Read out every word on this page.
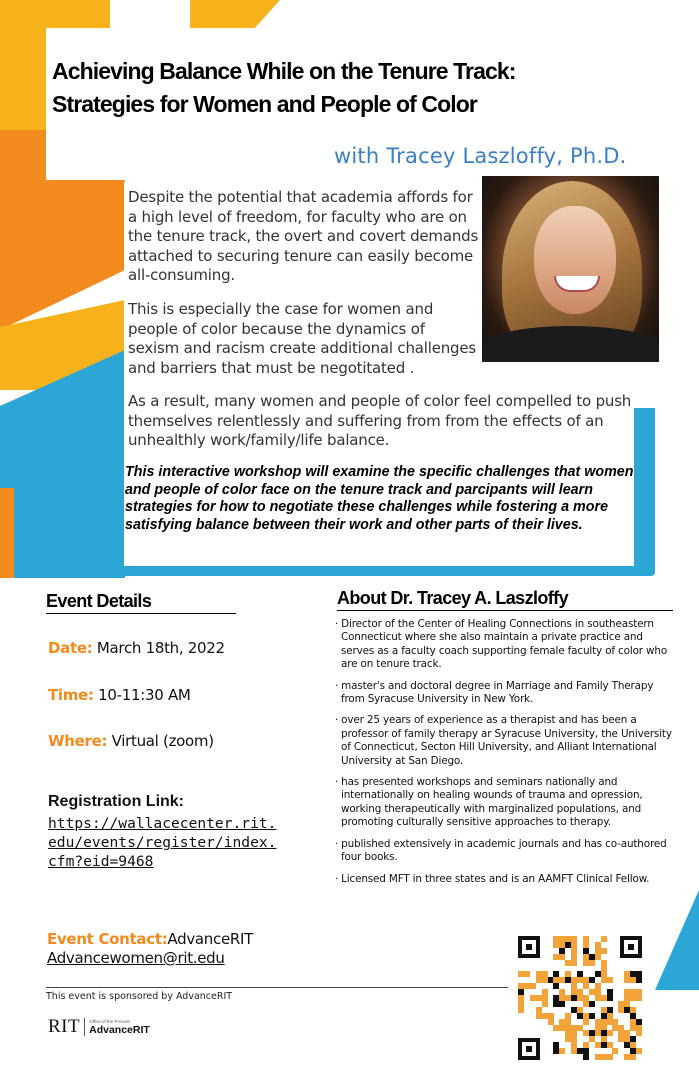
Achieving Balance While on the Tenure Track:
Strategies for Women and People of Color
with Tracey Laszloffy, Ph.D.

Despite the potential that academia affords for a high level of freedom, for faculty who are on the tenure track, the overt and covert demands attached to securing tenure can easily become all-consuming.

This is especially the case for women and people of color because the dynamics of sexism and racism create additional challenges and barriers that must be negotitated .

As a result, many women and people of color feel compelled to push themselves relentlessly and suffering from from the effects of an unhealthly work/family/life balance.

This interactive workshop will examine the specific challenges that women and people of color face on the tenure track and parcipants will learn strategies for how to negotiate these challenges while fostering a more satisfying balance between their work and other parts of their lives.

Event Details	About Dr. Tracey A. Laszloffy
Date: March 18th, 2022
Time: 10-11:30 AM
Where: Virtual (zoom)
Registration Link:
https://wallacecenter.rit.edu/events/register/index.cfm?eid=9468
Event Contact:AdvanceRIT
Advancewomen@rit.edu
· Director of the Center of Healing Connections in southeastern Connecticut where she also maintain a private practice and serves as a faculty coach supporting female faculty of color who are on tenure track.
· master's and doctoral degree in Marriage and Family Therapy from Syracuse University in New York.
· over 25 years of experience as a therapist and has been a professor of family therapy ar Syracuse University, the University of Connecticut, Secton Hill University, and Alliant International University at San Diego.
· has presented workshops and seminars nationally and internationally on healing wounds of trauma and opression, working therapeutically with marginalized populations, and promoting culturally sensitive approaches to therapy.
· published extensively in academic journals and has co-authored four books.
· Licensed MFT in three states and is an AAMFT Clinical Fellow.
This event is sponsored by AdvanceRIT
RIT Office of the Provost
AdvanceRIT
